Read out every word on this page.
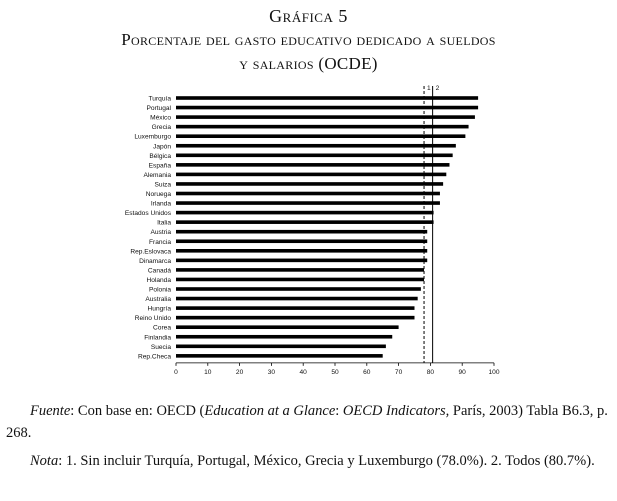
Gráfica 5
Porcentaje del gasto educativo dedicado a sueldos
y salarios (OCDE)
Turquía
Portugal
México
Grecia
Luxemburgo
Japón
Bélgica
España
Alemania
Suiza
Noruega
Irlanda
Estados Unidos
Italia
Austria
Francia
Rep.Eslovaca
Dinamarca
Canadá
Holanda
Polonia
Australia
Hungría
Reino Unido
Corea
Finlandia
Suecia
Rep.Checa
0	10	20	30	40	50	60	70	80	90	100
1 2
Fuente: Con base en: OECD (Education at a Glance: OECD Indicators, París, 2003) Tabla B6.3, p. 268.
Nota: 1. Sin incluir Turquía, Portugal, México, Grecia y Luxemburgo (78.0%). 2. Todos (80.7%).
